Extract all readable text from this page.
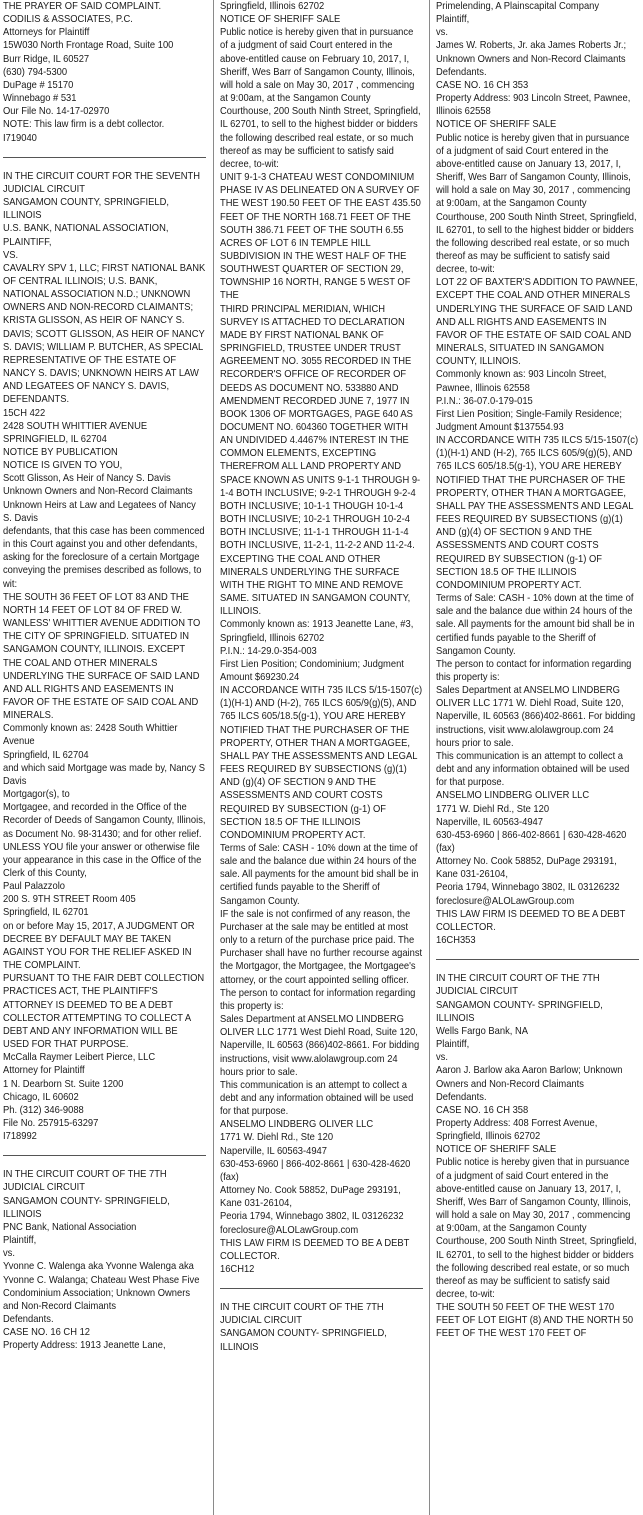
THE PRAYER OF SAID COMPLAINT.

CODILIS & ASSOCIATES, P.C.

Attorneys for Plaintiff

15W030 North Frontage Road, Suite 100

Burr Ridge, IL 60527

(630) 794-5300

DuPage # 15170

Winnebago # 531

Our File No. 14-17-02970

NOTE: This law firm is a debt collector.

I719040

IN THE CIRCUIT COURT FOR THE SEVENTH JUDICIAL CIRCUIT

SANGAMON COUNTY, SPRINGFIELD, ILLINOIS

U.S. BANK, NATIONAL ASSOCIATION, PLAINTIFF,

VS.

CAVALRY SPV 1, LLC; FIRST NATIONAL BANK OF CENTRAL ILLINOIS; U.S. BANK, NATIONAL ASSOCIATION N.D.; UNKNOWN OWNERS AND NON-RECORD CLAIMANTS; KRISTA GLISSON, AS HEIR OF NANCY S. DAVIS; SCOTT GLISSON, AS HEIR OF NANCY S. DAVIS; WILLIAM P. BUTCHER, AS SPECIAL REPRESENTATIVE OF THE ESTATE OF NANCY S. DAVIS; UNKNOWN HEIRS AT LAW AND LEGATEES OF NANCY S. DAVIS,

DEFENDANTS.

15CH 422

2428 SOUTH WHITTIER AVENUE

SPRINGFIELD, IL 62704

NOTICE BY PUBLICATION

NOTICE IS GIVEN TO YOU,

Scott Glisson, As Heir of Nancy S. Davis

Unknown Owners and Non-Record Claimants

Unknown Heirs at Law and Legatees of Nancy S. Davis

defendants, that this case has been commenced in this Court against you and other defendants, asking for the foreclosure of a certain Mortgage conveying the premises described as follows, to wit:

THE SOUTH 36 FEET OF LOT 83 AND THE NORTH 14 FEET OF LOT 84 OF FRED W. WANLESS' WHITTIER AVENUE ADDITION TO THE CITY OF SPRINGFIELD. SITUATED IN SANGAMON COUNTY, ILLINOIS. EXCEPT THE COAL AND OTHER MINERALS UNDERLYING THE SURFACE OF SAID LAND AND ALL RIGHTS AND EASEMENTS IN FAVOR OF THE ESTATE OF SAID COAL AND MINERALS.

Commonly known as: 2428 South Whittier Avenue

Springfield, IL 62704

and which said Mortgage was made by, Nancy S Davis

Mortgagor(s), to

Mortgagee, and recorded in the Office of the Recorder of Deeds of Sangamon County, Illinois, as Document No. 98-31430; and for other relief.

UNLESS YOU file your answer or otherwise file your appearance in this case in the Office of the Clerk of this County,

Paul Palazzolo

200 S. 9TH STREET Room 405

Springfield, IL 62701

on or before May 15, 2017, A JUDGMENT OR DECREE BY DEFAULT MAY BE TAKEN AGAINST YOU FOR THE RELIEF ASKED IN THE COMPLAINT.

PURSUANT TO THE FAIR DEBT COLLECTION PRACTICES ACT, THE PLAINTIFF'S ATTORNEY IS DEEMED TO BE A DEBT COLLECTOR ATTEMPTING TO COLLECT A DEBT AND ANY INFORMATION WILL BE USED FOR THAT PURPOSE.

McCalla Raymer Leibert Pierce, LLC

Attorney for Plaintiff

1 N. Dearborn St. Suite 1200

Chicago, IL 60602

Ph. (312) 346-9088

File No. 257915-63297

I718992

IN THE CIRCUIT COURT OF THE 7TH JUDICIAL CIRCUIT

SANGAMON COUNTY- SPRINGFIELD, ILLINOIS

PNC Bank, National Association

Plaintiff,

vs.

Yvonne C. Walenga aka Yvonne Walenga aka Yvonne C. Walanga; Chateau West Phase Five Condominium Association; Unknown Owners and Non-Record Claimants

Defendants.

CASE NO. 16 CH 12

Property Address: 1913 Jeanette Lane,

Springfield, Illinois 62702

NOTICE OF SHERIFF SALE

Public notice is hereby given that in pursuance of a judgment of said Court entered in the above-entitled cause on February 10, 2017, I, Sheriff, Wes Barr of Sangamon County, Illinois, will hold a sale on May 30, 2017 , commencing at 9:00am, at the Sangamon County Courthouse, 200 South Ninth Street, Springfield, IL 62701, to sell to the highest bidder or bidders the following described real estate, or so much thereof as may be sufficient to satisfy said decree, to-wit:

UNIT 9-1-3 CHATEAU WEST CONDOMINIUM PHASE IV AS DELINEATED ON A SURVEY OF THE WEST 190.50 FEET OF THE EAST 435.50 FEET OF THE NORTH 168.71 FEET OF THE SOUTH 386.71 FEET OF THE SOUTH 6.55 ACRES OF LOT 6 IN TEMPLE HILL SUBDIVISION IN THE WEST HALF OF THE SOUTHWEST QUARTER OF SECTION 29, TOWNSHIP 16 NORTH, RANGE 5 WEST OF THE

THIRD PRINCIPAL MERIDIAN, WHICH SURVEY IS ATTACHED TO DECLARATION MADE BY FIRST NATIONAL BANK OF SPRINGFIELD, TRUSTEE UNDER TRUST AGREEMENT NO. 3055 RECORDED IN THE RECORDER'S OFFICE OF RECORDER OF DEEDS AS DOCUMENT NO. 533880 AND AMENDMENT RECORDED JUNE 7, 1977 IN BOOK 1306 OF MORTGAGES, PAGE 640 AS DOCUMENT NO. 604360 TOGETHER WITH AN UNDIVIDED 4.4467% INTEREST IN THE COMMON ELEMENTS, EXCEPTING THEREFROM ALL LAND PROPERTY AND SPACE KNOWN AS UNITS 9-1-1 THROUGH 9-1-4 BOTH INCLUSIVE; 9-2-1 THROUGH 9-2-4 BOTH INCLUSIVE; 10-1-1 THOUGH 10-1-4 BOTH INCLUSIVE; 10-2-1 THROUGH 10-2-4 BOTH INCLUSIVE; 11-1-1 THROUGH 11-1-4 BOTH INCLUSIVE, 11-2-1, 11-2-2 AND 11-2-4. EXCEPTING THE COAL AND OTHER MINERALS UNDERLYING THE SURFACE WITH THE RIGHT TO MINE AND REMOVE SAME. SITUATED IN SANGAMON COUNTY, ILLINOIS.

Commonly known as: 1913 Jeanette Lane, #3, Springfield, Illinois 62702

P.I.N.: 14-29.0-354-003

First Lien Position; Condominium; Judgment Amount $69230.24

IN ACCORDANCE WITH 735 ILCS 5/15-1507(c)(1)(H-1) AND (H-2), 765 ILCS 605/9(g)(5), AND 765 ILCS 605/18.5(g-1), YOU ARE HEREBY NOTIFIED THAT THE PURCHASER OF THE PROPERTY, OTHER THAN A MORTGAGEE, SHALL PAY THE ASSESSMENTS AND LEGAL FEES REQUIRED BY SUBSECTIONS (g)(1) AND (g)(4) OF SECTION 9 AND THE ASSESSMENTS AND COURT COSTS REQUIRED BY SUBSECTION (g-1) OF SECTION 18.5 OF THE ILLINOIS CONDOMINIUM PROPERTY ACT.

Terms of Sale: CASH - 10% down at the time of sale and the balance due within 24 hours of the sale. All payments for the amount bid shall be in certified funds payable to the Sheriff of Sangamon County.

IF the sale is not confirmed of any reason, the Purchaser at the sale may be entitled at most only to a return of the purchase price paid. The Purchaser shall have no further recourse against the Mortgagor, the Mortgagee, the Mortgagee's attorney, or the court appointed selling officer.

The person to contact for information regarding this property is:

Sales Department at ANSELMO LINDBERG OLIVER LLC 1771 West Diehl Road, Suite 120, Naperville, IL 60563 (866)402-8661. For bidding instructions, visit www.alolawgroup.com 24 hours prior to sale.

This communication is an attempt to collect a debt and any information obtained will be used for that purpose.

ANSELMO LINDBERG OLIVER LLC

1771 W. Diehl Rd., Ste 120

Naperville, IL 60563-4947

630-453-6960 | 866-402-8661 | 630-428-4620 (fax)

Attorney No. Cook 58852, DuPage 293191, Kane 031-26104,

Peoria 1794, Winnebago 3802, IL 03126232

foreclosure@ALOLawGroup.com

THIS LAW FIRM IS DEEMED TO BE A DEBT COLLECTOR.

16CH12

IN THE CIRCUIT COURT OF THE 7TH JUDICIAL CIRCUIT

SANGAMON COUNTY- SPRINGFIELD, ILLINOIS

Primelending, A Plainscapital Company

Plaintiff,

vs.

James W. Roberts, Jr. aka James Roberts Jr.; Unknown Owners and Non-Record Claimants

Defendants.

CASE NO. 16 CH 353

Property Address: 903 Lincoln Street, Pawnee, Illinois 62558

NOTICE OF SHERIFF SALE

Public notice is hereby given that in pursuance of a judgment of said Court entered in the above-entitled cause on January 13, 2017, I, Sheriff, Wes Barr of Sangamon County, Illinois, will hold a sale on May 30, 2017 , commencing at 9:00am, at the Sangamon County Courthouse, 200 South Ninth Street, Springfield, IL 62701, to sell to the highest bidder or bidders the following described real estate, or so much thereof as may be sufficient to satisfy said decree, to-wit:

LOT 22 OF BAXTER'S ADDITION TO PAWNEE, EXCEPT THE COAL AND OTHER MINERALS UNDERLYING THE SURFACE OF SAID LAND AND ALL RIGHTS AND EASEMENTS IN FAVOR OF THE ESTATE OF SAID COAL AND MINERALS, SITUATED IN SANGAMON COUNTY, ILLINOIS.

Commonly known as: 903 Lincoln Street, Pawnee, Illinois 62558

P.I.N.: 36-07.0-179-015

First Lien Position; Single-Family Residence; Judgment Amount $137554.93

IN ACCORDANCE WITH 735 ILCS 5/15-1507(c)(1)(H-1) AND (H-2), 765 ILCS 605/9(g)(5), AND 765 ILCS 605/18.5(g-1), YOU ARE HEREBY NOTIFIED THAT THE PURCHASER OF THE PROPERTY, OTHER THAN A MORTGAGEE, SHALL PAY THE ASSESSMENTS AND LEGAL FEES REQUIRED BY SUBSECTIONS (g)(1) AND (g)(4) OF SECTION 9 AND THE ASSESSMENTS AND COURT COSTS REQUIRED BY SUBSECTION (g-1) OF SECTION 18.5 OF THE ILLINOIS CONDOMINIUM PROPERTY ACT.

Terms of Sale: CASH - 10% down at the time of sale and the balance due within 24 hours of the sale. All payments for the amount bid shall be in certified funds payable to the Sheriff of Sangamon County.

The person to contact for information regarding this property is:

Sales Department at ANSELMO LINDBERG OLIVER LLC 1771 W. Diehl Road, Suite 120, Naperville, IL 60563 (866)402-8661. For bidding instructions, visit www.alolawgroup.com 24 hours prior to sale.

This communication is an attempt to collect a debt and any information obtained will be used for that purpose.

ANSELMO LINDBERG OLIVER LLC

1771 W. Diehl Rd., Ste 120

Naperville, IL 60563-4947

630-453-6960 | 866-402-8661 | 630-428-4620 (fax)

Attorney No. Cook 58852, DuPage 293191, Kane 031-26104,

Peoria 1794, Winnebago 3802, IL 03126232

foreclosure@ALOLawGroup.com

THIS LAW FIRM IS DEEMED TO BE A DEBT COLLECTOR.

16CH353

IN THE CIRCUIT COURT OF THE 7TH JUDICIAL CIRCUIT

SANGAMON COUNTY- SPRINGFIELD, ILLINOIS

Wells Fargo Bank, NA

Plaintiff,

vs.

Aaron J. Barlow aka Aaron Barlow; Unknown Owners and Non-Record Claimants

Defendants.

CASE NO. 16 CH 358

Property Address: 408 Forrest Avenue, Springfield, Illinois 62702

NOTICE OF SHERIFF SALE

Public notice is hereby given that in pursuance of a judgment of said Court entered in the above-entitled cause on January 13, 2017, I, Sheriff, Wes Barr of Sangamon County, Illinois, will hold a sale on May 30, 2017 , commencing at 9:00am, at the Sangamon County Courthouse, 200 South Ninth Street, Springfield, IL 62701, to sell to the highest bidder or bidders the following described real estate, or so much thereof as may be sufficient to satisfy said decree, to-wit:

THE SOUTH 50 FEET OF THE WEST 170 FEET OF LOT EIGHT (8) AND THE NORTH 50 FEET OF THE WEST 170 FEET OF
